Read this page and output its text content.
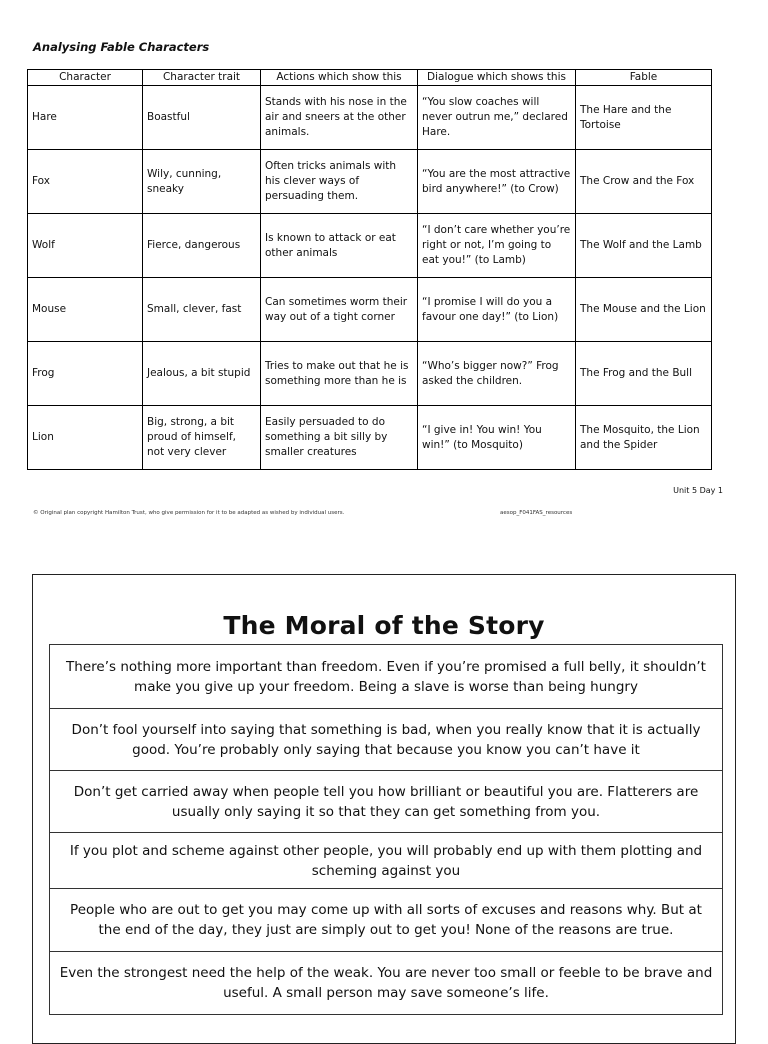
Analysing Fable Characters
Character	Character trait	Actions which show this	Dialogue which shows this	Fable
Hare	Boastful	Stands with his nose in the air and sneers at the other animals.	“You slow coaches will never outrun me,” declared Hare.	The Hare and the Tortoise
Fox	Wily, cunning, sneaky	Often tricks animals with his clever ways of persuading them.	“You are the most attractive bird anywhere!” (to Crow)	The Crow and the Fox
Wolf	Fierce, dangerous	Is known to attack or eat other animals	“I don’t care whether you’re right or not, I’m going to eat you!” (to Lamb)	The Wolf and the Lamb
Mouse	Small, clever, fast	Can sometimes worm their way out of a tight corner	“I promise I will do you a favour one day!” (to Lion)	The Mouse and the Lion
Frog	Jealous, a bit stupid	Tries to make out that he is something more than he is	“Who’s bigger now?” Frog asked the children.	The Frog and the Bull
Lion	Big, strong, a bit proud of himself, not very clever	Easily persuaded to do something a bit silly by smaller creatures	“I give in! You win! You win!” (to Mosquito)	The Mosquito, the Lion and the Spider
Unit 5 Day 1
© Original plan copyright Hamilton Trust, who give permission for it to be adapted as wished by individual users.	aesop_F041FAS_resources
The Moral of the Story
There’s nothing more important than freedom. Even if you’re promised a full belly, it shouldn’t make you give up your freedom. Being a slave is worse than being hungry
Don’t fool yourself into saying that something is bad, when you really know that it is actually good. You’re probably only saying that because you know you can’t have it
Don’t get carried away when people tell you how brilliant or beautiful you are. Flatterers are usually only saying it so that they can get something from you.
If you plot and scheme against other people, you will probably end up with them plotting and scheming against you
People who are out to get you may come up with all sorts of excuses and reasons why. But at the end of the day, they just are simply out to get you! None of the reasons are true.
Even the strongest need the help of the weak. You are never too small or feeble to be brave and useful. A small person may save someone’s life.
